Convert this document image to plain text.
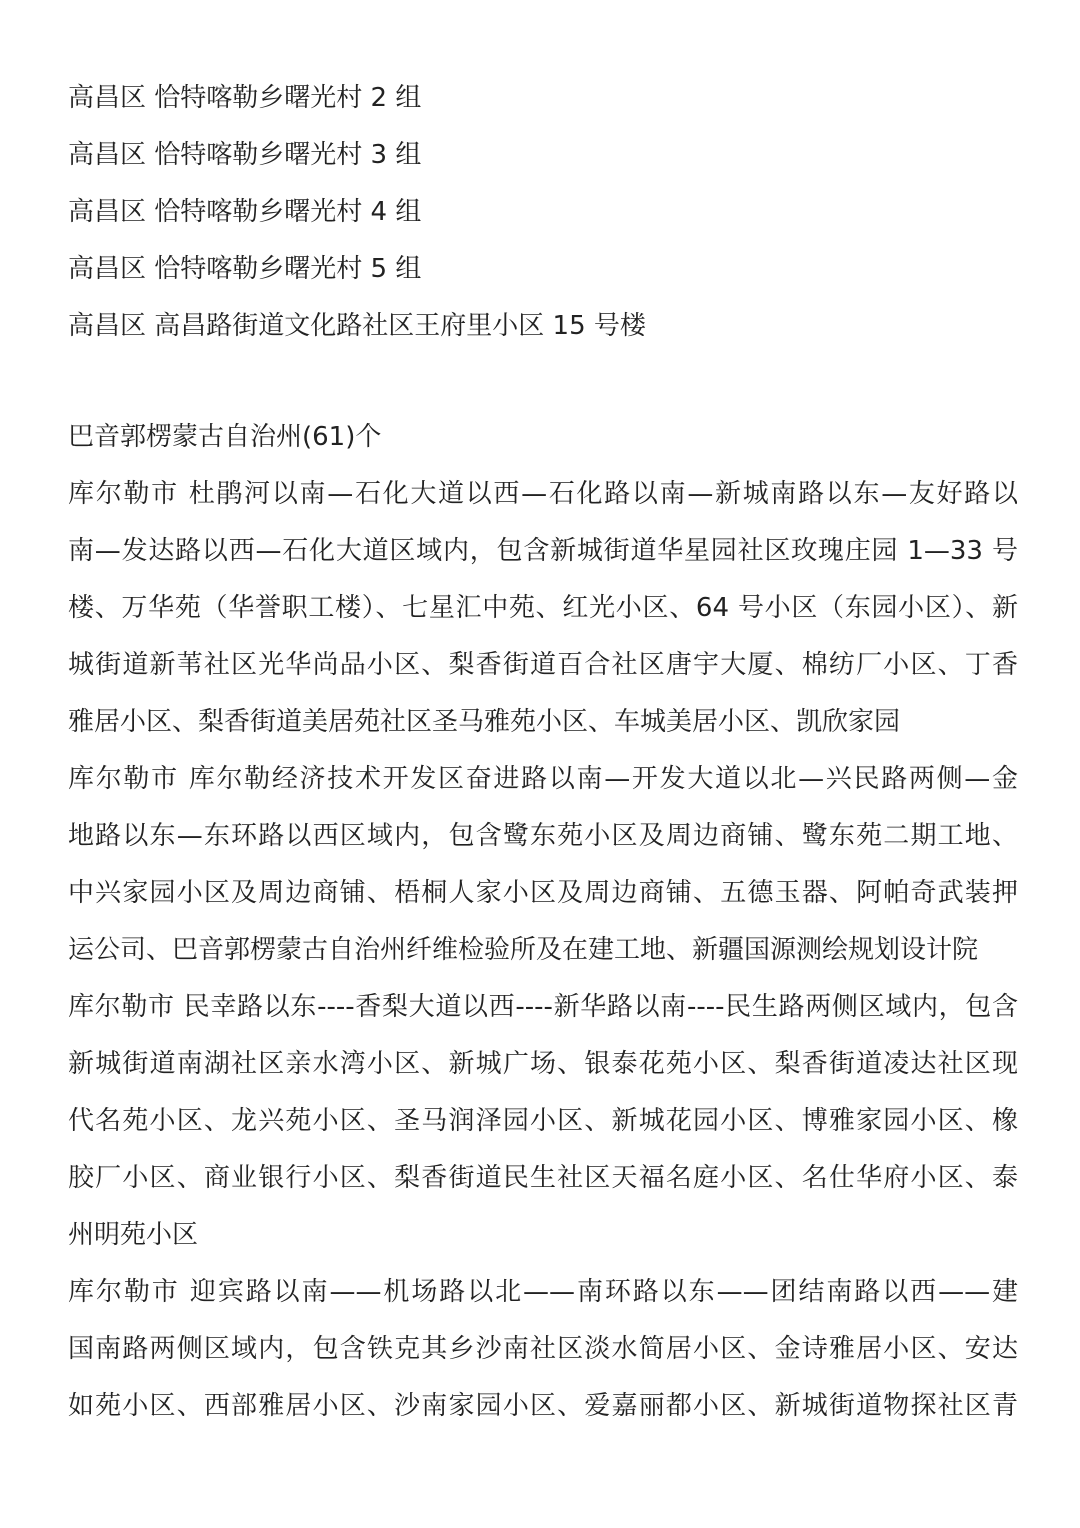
高昌区 恰特喀勒乡曙光村 2 组
高昌区 恰特喀勒乡曙光村 3 组
高昌区 恰特喀勒乡曙光村 4 组
高昌区 恰特喀勒乡曙光村 5 组
高昌区 高昌路街道文化路社区王府里小区 15 号楼
巴音郭楞蒙古自治州(61)个
库尔勒市 杜鹃河以南—石化大道以西—石化路以南—新城南路以东—友好路以
南—发达路以西—石化大道区域内，包含新城街道华星园社区玫瑰庄园 1—33 号
楼、万华苑（华誉职工楼）、七星汇中苑、红光小区、64 号小区（东园小区）、新
城街道新苇社区光华尚品小区、梨香街道百合社区唐宇大厦、棉纺厂小区、丁香
雅居小区、梨香街道美居苑社区圣马雅苑小区、车城美居小区、凯欣家园
库尔勒市 库尔勒经济技术开发区奋进路以南—开发大道以北—兴民路两侧—金
地路以东—东环路以西区域内，包含鹭东苑小区及周边商铺、鹭东苑二期工地、
中兴家园小区及周边商铺、梧桐人家小区及周边商铺、五德玉器、阿帕奇武装押
运公司、巴音郭楞蒙古自治州纤维检验所及在建工地、新疆国源测绘规划设计院
库尔勒市 民幸路以东----香梨大道以西----新华路以南----民生路两侧区域内，包含
新城街道南湖社区亲水湾小区、新城广场、银泰花苑小区、梨香街道凌达社区现
代名苑小区、龙兴苑小区、圣马润泽园小区、新城花园小区、博雅家园小区、橡
胶厂小区、商业银行小区、梨香街道民生社区天福名庭小区、名仕华府小区、泰
州明苑小区
库尔勒市 迎宾路以南——机场路以北——南环路以东——团结南路以西——建
国南路两侧区域内，包含铁克其乡沙南社区淡水简居小区、金诗雅居小区、安达
如苑小区、西部雅居小区、沙南家园小区、爱嘉丽都小区、新城街道物探社区青
